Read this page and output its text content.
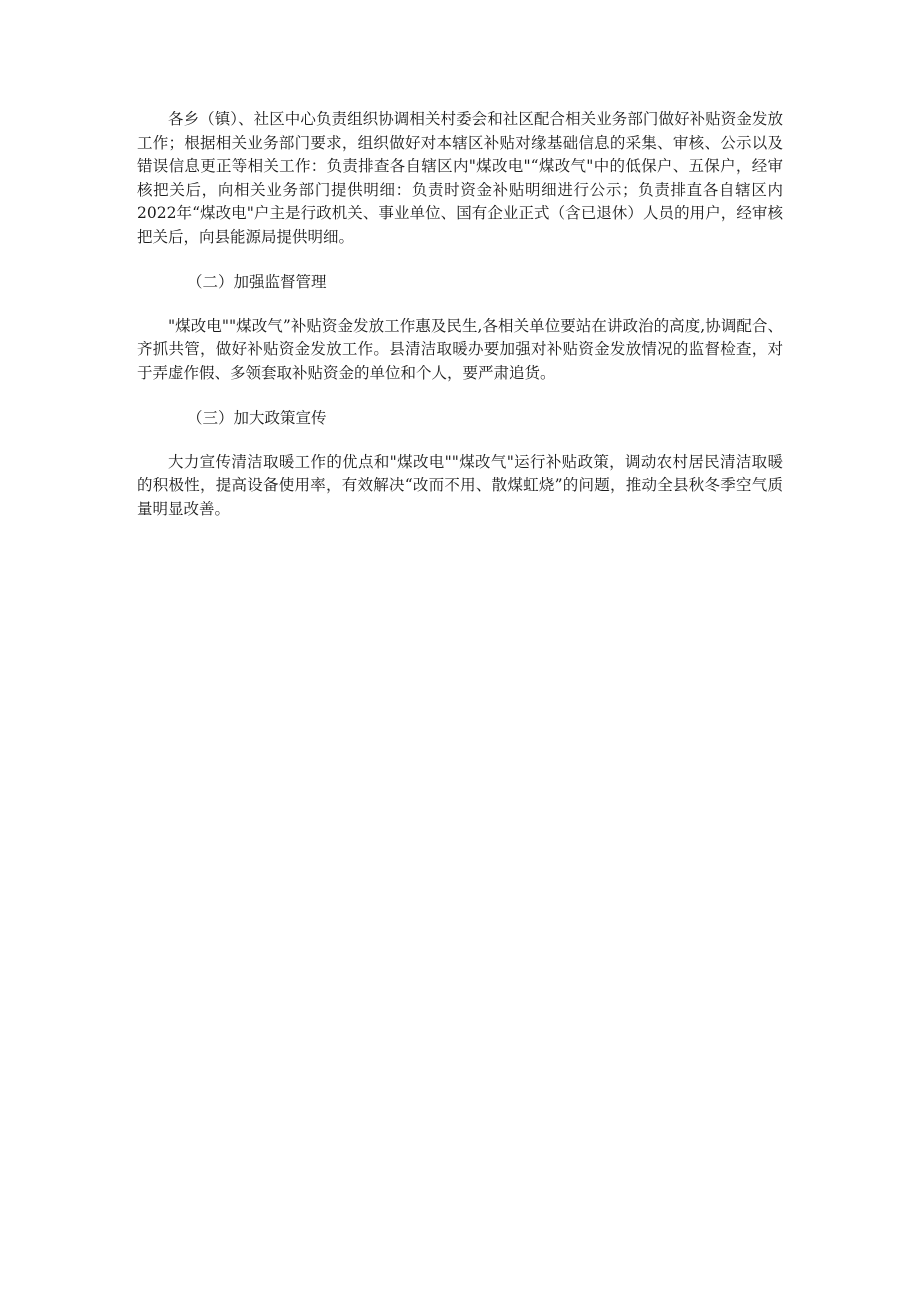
各乡（镇）、社区中心负责组织协调相关村委会和社区配合相关业务部门做好补贴资金发放工作；根据相关业务部门要求，组织做好对本辖区补贴对缘基础信息的采集、审核、公示以及错误信息更正等相关工作：负责排查各自辖区内"煤改电"“煤改气"中的低保户、五保户，经审核把关后，向相关业务部门提供明细：负责时资金补贴明细进行公示；负责排直各自辖区内2022年“煤改电"户主是行政机关、事业单位、国有企业正式（含已退休）人员的用户，经审核把关后，向县能源局提供明细。

（二）加强监督管理

"煤改电""煤改气”补贴资金发放工作惠及民生,各相关单位要站在讲政治的高度,协调配合、齐抓共管，做好补贴资金发放工作。县清洁取暖办要加强对补贴资金发放情况的监督检查，对于弄虚作假、多领套取补贴资金的单位和个人，要严肃追货。

（三）加大政策宣传

大力宣传清洁取暖工作的优点和"煤改电""煤改气"运行补贴政策，调动农村居民清洁取暖的积极性，提高设备使用率，有效解决“改而不用、散煤虹烧”的问题，推动全县秋冬季空气质量明显改善。
